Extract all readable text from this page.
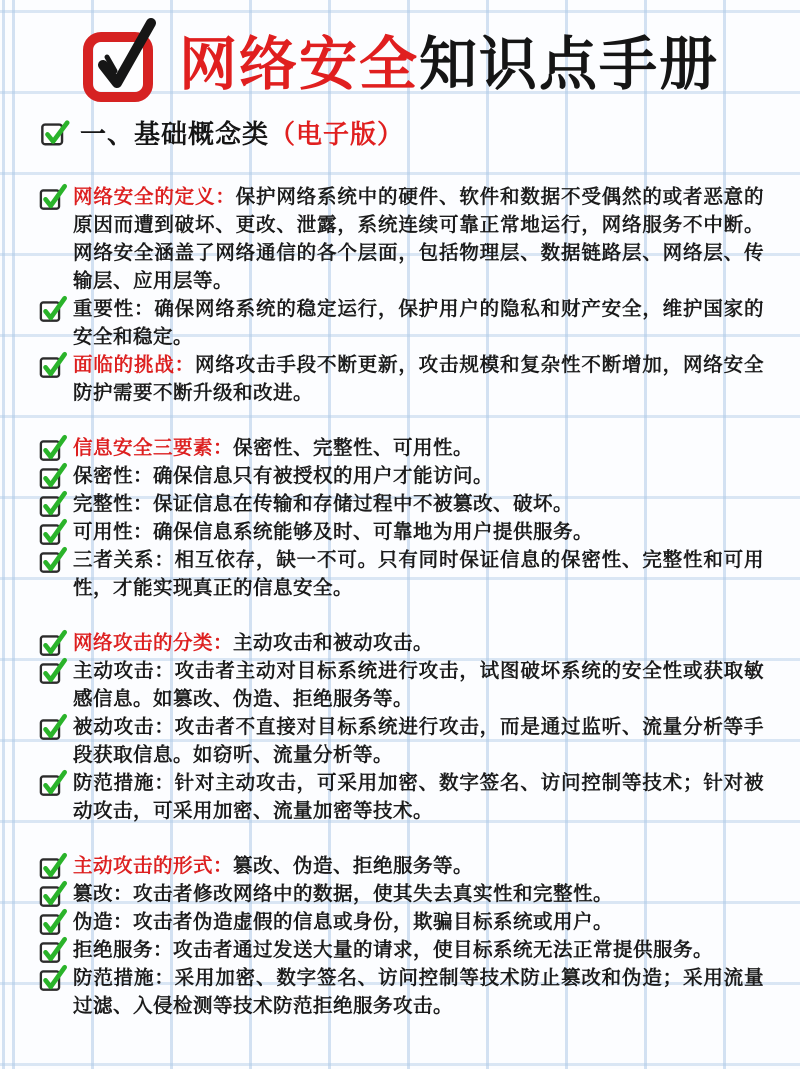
网络安全知识点手册
一、基础概念类（电子版）

网络安全的定义：保护网络系统中的硬件、软件和数据不受偶然的或者恶意的原因而遭到破坏、更改、泄露，系统连续可靠正常地运行，网络服务不中断。网络安全涵盖了网络通信的各个层面，包括物理层、数据链路层、网络层、传输层、应用层等。

重要性：确保网络系统的稳定运行，保护用户的隐私和财产安全，维护国家的安全和稳定。

面临的挑战：网络攻击手段不断更新，攻击规模和复杂性不断增加，网络安全防护需要不断升级和改进。

信息安全三要素：保密性、完整性、可用性。

保密性：确保信息只有被授权的用户才能访问。

完整性：保证信息在传输和存储过程中不被篡改、破坏。

可用性：确保信息系统能够及时、可靠地为用户提供服务。

三者关系：相互依存，缺一不可。只有同时保证信息的保密性、完整性和可用性，才能实现真正的信息安全。

网络攻击的分类：主动攻击和被动攻击。

主动攻击：攻击者主动对目标系统进行攻击，试图破坏系统的安全性或获取敏感信息。如篡改、伪造、拒绝服务等。

被动攻击：攻击者不直接对目标系统进行攻击，而是通过监听、流量分析等手段获取信息。如窃听、流量分析等。

防范措施：针对主动攻击，可采用加密、数字签名、访问控制等技术；针对被动攻击，可采用加密、流量加密等技术。

主动攻击的形式：篡改、伪造、拒绝服务等。

篡改：攻击者修改网络中的数据，使其失去真实性和完整性。

伪造：攻击者伪造虚假的信息或身份，欺骗目标系统或用户。

拒绝服务：攻击者通过发送大量的请求，使目标系统无法正常提供服务。

防范措施：采用加密、数字签名、访问控制等技术防止篡改和伪造；采用流量过滤、入侵检测等技术防范拒绝服务攻击。
